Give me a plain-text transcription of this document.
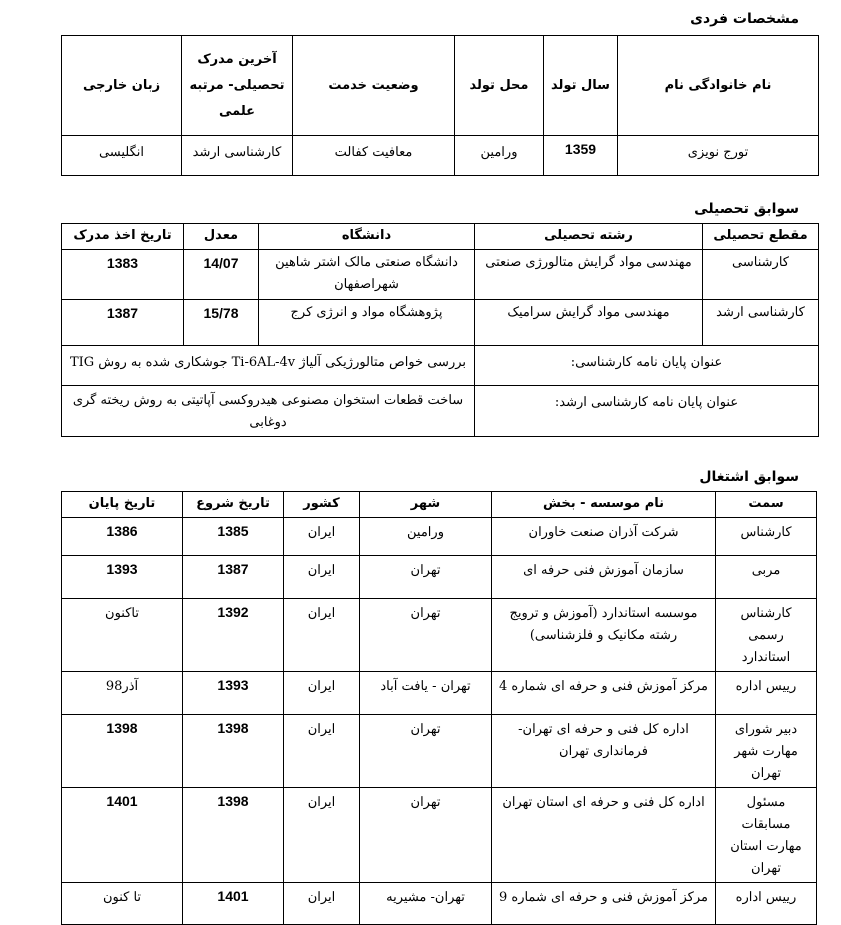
مشخصات فردی
نام خانوادگی نام	سال تولد	محل تولد	وضعیت خدمت	آخرین مدرک تحصیلی- مرتبه علمی	زبان خارجی
تورج نویزی	1359	ورامین	معافیت کفالت	کارشناسی ارشد	انگلیسی
سوابق تحصیلی
مقطع تحصیلی	رشته تحصیلی	دانشگاه	معدل	تاریخ اخذ مدرک
کارشناسی	مهندسی مواد گرایش متالورژی صنعتی	دانشگاه صنعتی مالک اشتر شاهین شهراصفهان	14/07	1383
کارشناسی ارشد	مهندسی مواد گرایش سرامیک	پژوهشگاه مواد و انرژی کرج	15/78	1387
عنوان پایان نامه کارشناسی:		بررسی خواص متالورژیکی آلیاژ Ti-6AL-4v جوشکاری شده به روش TIG		
عنوان پایان نامه کارشناسی ارشد:		ساخت قطعات استخوان مصنوعی هیدروکسی آپاتیتی به روش ریخته گری دوغابی		
سوابق اشتغال
سمت	نام موسسه - بخش	شهر	کشور	تاریخ شروع	تاریخ پایان
کارشناس	شرکت آذران صنعت خاوران	ورامین	ایران	1385	1386
مربی	سازمان آموزش فنی حرفه ای	تهران	ایران	1387	1393
کارشناس رسمی استاندارد	موسسه استاندارد (آموزش و ترویج رشته مکانیک و فلزشناسی)	تهران	ایران	1392	تاکنون
رییس اداره	مرکز آموزش فنی و حرفه ای شماره 4	تهران - یافت آباد	ایران	1393	آذر98
دبیر شورای مهارت شهر تهران	اداره کل فنی و حرفه ای تهران- فرمانداری تهران	تهران	ایران	1398	1398
مسئول مسابقات مهارت استان تهران	اداره کل فنی و حرفه ای استان تهران	تهران	ایران	1398	1401
رییس اداره	مرکز آموزش فنی و حرفه ای شماره 9	تهران- مشیریه	ایران	1401	تا کنون
